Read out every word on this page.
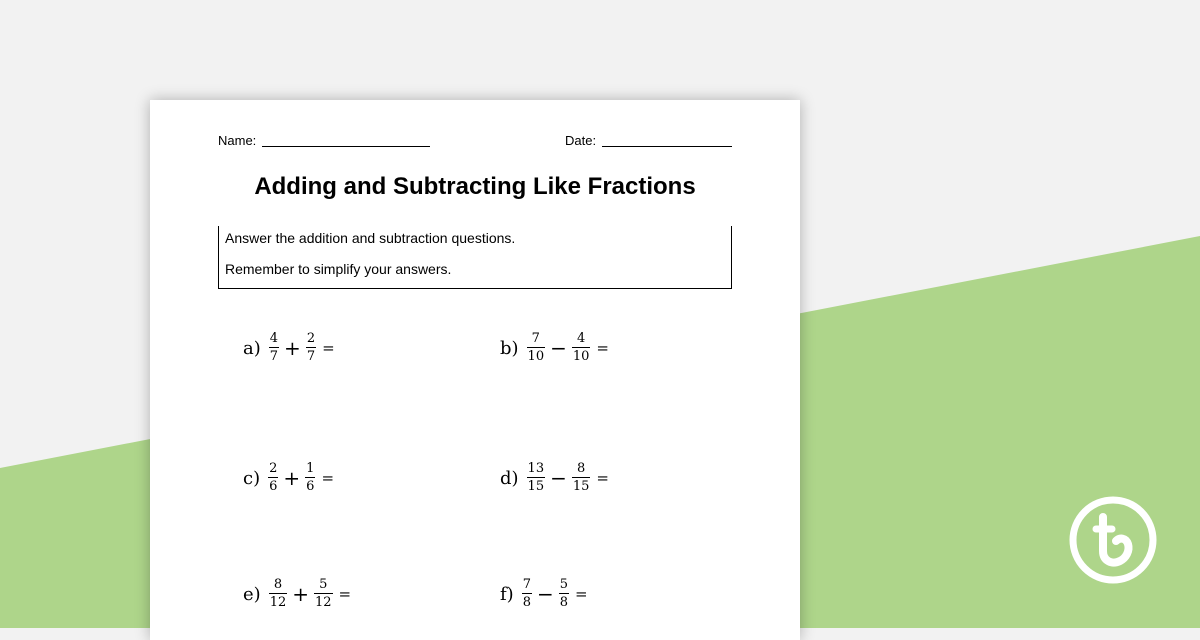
Name:	Date:
Adding and Subtracting Like Fractions
Answer the addition and subtraction questions.
Remember to simplify your answers.
$a) \frac{4}{7} + \frac{2}{7}$ =	$b) \frac{7}{10} - \frac{4}{10}$ =
$c) \frac{2}{6} + \frac{1}{6}$ =	$d) \frac{13}{15} - \frac{8}{15}$ =
$e) \frac{8}{12} + \frac{5}{12}$ =	$f) \frac{7}{8} - \frac{5}{8}$ =
